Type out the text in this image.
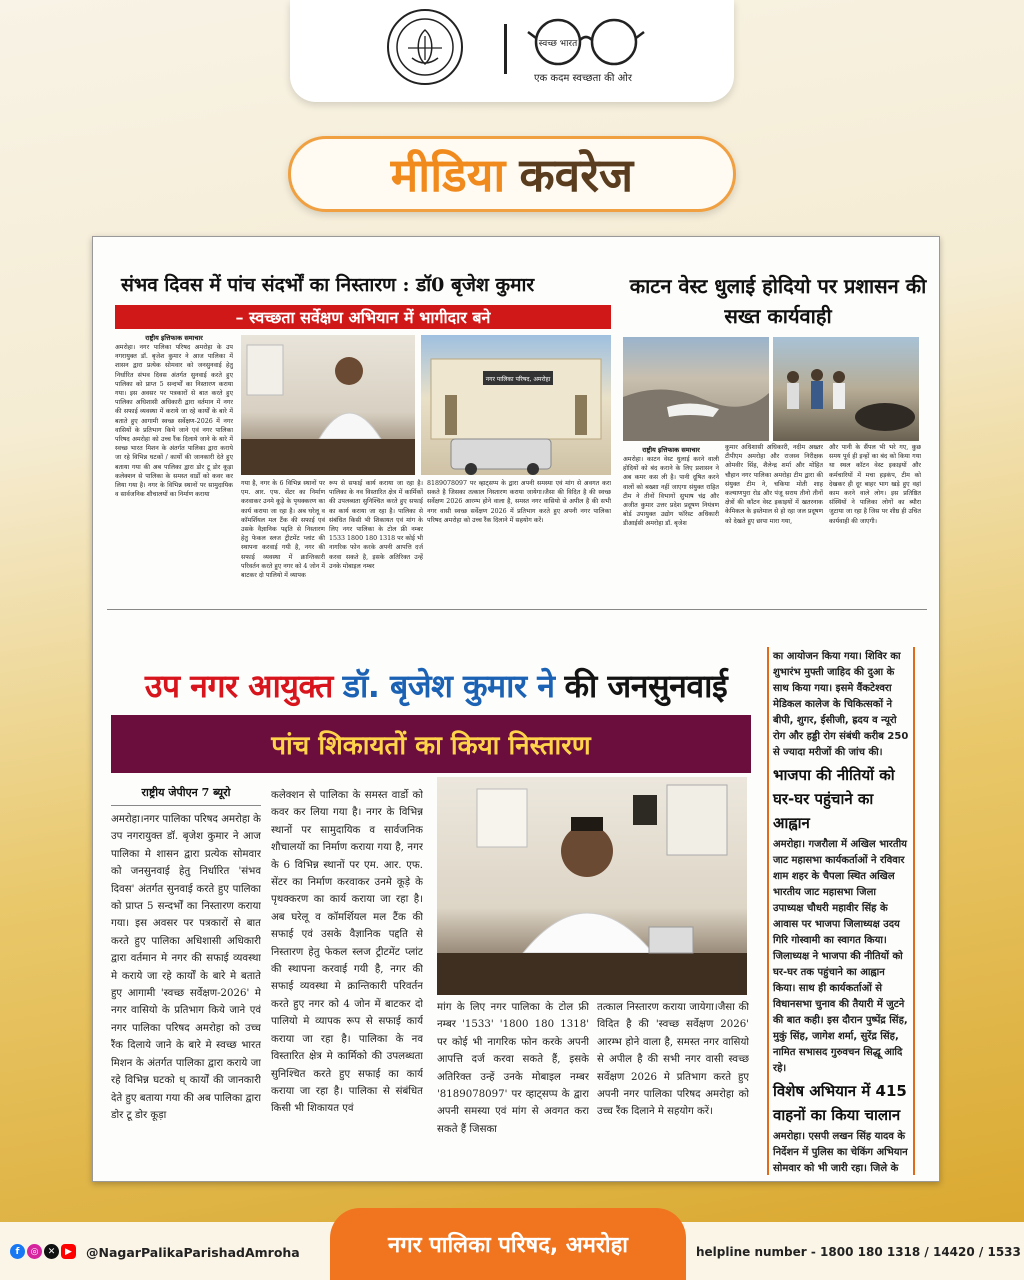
स्वच्छ भारत
एक कदम स्वच्छता की ओर
मीडिया कवरेज
संभव दिवस में पांच संदर्भों का निस्तारण : डॉ0 बृजेश कुमार
– स्वच्छता सर्वेक्षण अभियान में भागीदार बने
राष्ट्रीय इत्तिफाक समाचार
अमरोहा। नगर पालिका परिषद अमरोहा के उप नगरायुक्त डॉ. बृजेश कुमार ने आज पालिका में शासन द्वारा प्रत्येक सोमवार को जनसुनवाई हेतु निर्धारित संभव दिवस अंतर्गत सुनवाई करते हुए पालिका को प्राप्त 5 सन्दर्भों का निस्तारण कराया गया। इस अवसर पर पत्रकारों से बात करते हुए पालिका अधिशासी अधिकारी द्वारा वर्तमान में नगर की सफाई व्यवस्था में कराये जा रहे कार्यों के बारे में बताते हुए आगामी स्वच्छ सर्वेक्षण-2026 में नगर वासियों के प्रतिभाग किये जाने एवं नगर पालिका परिषद अमरोहा को उच्च रैंक दिलाये जाने के बारे में स्वच्छ भारत मिशन के अंतर्गत पालिका द्वारा कराये जा रहे विभिन्न घटकों / कार्यों की जानकारी देते हुए बताया गया की अब पालिका द्वारा डोर टू डोर कूड़ा कलेक्शन से पालिका के समस्त वार्डों को कवर कर लिया गया है। नगर के विभिन्न स्थानों पर सामुदायिक व सार्वजनिक शौचालयों का निर्माण कराया
नगर पालिका परिषद, अमरोहा
गया है, नगर के 6 विभिन्न स्थानों पर एम. आर. एफ. सेंटर का निर्माण करवाकर उनमे कूड़े के पृथक्करण का कार्य कराया जा रहा है। अब घरेलू व कॉमर्शियल मल टैंक की सफाई एवं उसके वैज्ञानिक पद्दति से निस्तारण हेतु फेकल स्लज ट्रीटमेंट प्लांट की स्थापना करवाई गयी है, नगर की सफाई व्यवस्था में क्रान्तिकारी परिवर्तन करते हुए नगर को 4 जोन में बाटकर दो पालियो में व्यापक
रूप से सफाई कार्य कराया जा रहा है। पालिका के नव विस्तारित क्षेत्र में कार्मिकों की उपलब्धता सुनिश्चित करते हुए सफाई का कार्य कराया जा रहा है। पालिका से संबंधित किसी भी शिकायत एवं मांग के लिए नगर पालिका के टोल फ्री नम्बर 1533 1800 180 1318 पर कोई भी नागरिक फोन करके अपनी आपत्ति दर्ज करवा सकते है, इसके अतिरिक्त उन्हें उनके मोबाइल नम्बर
8189078097 पर व्हाट्सप्प के द्वारा अपनी समस्या एवं मांग से अवगत करा सकते है जिसका तत्काल निस्तारण कराया जायेगा।जैसा की विदित है की स्वच्छ सर्वेक्षण 2026 आरम्भ होने वाला है, समस्त नगर वासियो से अपील है की सभी नगर वासी स्वच्छ सर्वेक्षण 2026 में प्रतिभाग करते हुए अपनी नगर पालिका परिषद अमरोहा को उच्च रैंक दिलाने में सहयोग करें।
काटन वेस्ट धुलाई होदियो पर प्रशासन की सख्त कार्यवाही
राष्ट्रीय इत्तिफाक समाचार
अमरोहा। काटन वेस्ट धुलाई करने वाली होदियों को बंद कराने के लिए प्रशासन ने अब कमर कस ली है। पानी दूषित करने वालों को बख्शा नहीं जाएगा संयुक्त राहित टीम ने तीनों विभागों सुभाष चंद्र और अजीत कुमार उत्तर प्रदेश प्रदूषण नियंत्रण बोर्ड उपायुक्त उद्योग फॉरेस्ट अधिकारी डीआईसी अमरोहा डॉ. बृजेश
कुमार अधिशासी अधिकारी, नदीम अख्तर टीपीएम अमरोहा और राजस्व निरीक्षक ओमवीर सिंह, शैलेन्द्र शर्मा और मोहित चौहान नगर पालिका अमरोहा टीम द्वारा की संयुक्त टीम ने, चकिया मोती शाह कल्याणपुरा रोड और पंजू सराय तीनो तीनों क्षेत्रों की कॉटन वेस्ट इकाइयों में खतरनाक केमिकल के इस्तेमाल से हो रहा जल प्रदूषण को देखते हुए छापा मारा गया,
और पानी के सैंपल भी भरे गए, कुछ समय पूर्व ही इन्हों का बंद को किया गया था स्थल कॉटन वेस्ट इकाइयों और कर्मचारियों में मचा हड़कंप, टीम को देखकर ही दूर बाहर भाग खड़े हुए वहां काम करने वाले लोग। इस प्रतिष्ठित संस्थियों ने पालिका लोगों का ब्यौरा जुटाया जा रहा है जिस पर शीघ्र ही उचित कार्यवाही की जाएगी।
उप नगर आयुक्त डॉ. बृजेश कुमार ने की जनसुनवाई
पांच शिकायतों का किया निस्तारण
राष्ट्रीय जेपीएन 7 ब्यूरो
अमरोहा।नगर पालिका परिषद अमरोहा के उप नगरायुक्त डॉ. बृजेश कुमार ने आज पालिका मे शासन द्वारा प्रत्येक सोमवार को जनसुनवाई हेतु निर्धारित 'संभव दिवस' अंतर्गत सुनवाई करते हुए पालिका को प्राप्त 5 सन्दर्भों का निस्तारण कराया गया। इस अवसर पर पत्रकारों से बात करते हुए पालिका अधिशासी अधिकारी द्वारा वर्तमान मे नगर की सफाई व्यवस्था मे कराये जा रहे कार्यों के बारे मे बताते हुए आगामी 'स्वच्छ सर्वेक्षण-2026' मे नगर वासियो के प्रतिभाग किये जाने एवं नगर पालिका परिषद अमरोहा को उच्च रैंक दिलाये जाने के बारे मे स्वच्छ भारत मिशन के अंतर्गत पालिका द्वारा कराये जा रहे विभिन्न घटको ध् कार्यों की जानकारी देते हुए बताया गया की अब पालिका द्वारा डोर टू डोर कूड़ा
कलेक्शन से पालिका के समस्त वार्डो को कवर कर लिया गया है। नगर के विभिन्न स्थानों पर सामुदायिक व सार्वजनिक शौचालयों का निर्माण कराया गया है, नगर के 6 विभिन्न स्थानों पर एम. आर. एफ. सेंटर का निर्माण करवाकर उनमे कूड़े के पृथक्करण का कार्य कराया जा रहा है। अब घरेलू व कॉमर्शियल मल टैंक की सफाई एवं उसके वैज्ञानिक पद्दति से निस्तारण हेतु फेकल स्लज ट्रीटमेंट प्लांट की स्थापना करवाई गयी है, नगर की सफाई व्यवस्था मे क्रान्तिकारी परिवर्तन करते हुए नगर को 4 जोन में बाटकर दो पालियो मे व्यापक रूप से सफाई कार्य कराया जा रहा है। पालिका के नव विस्तारित क्षेत्र मे कार्मिको की उपलब्धता सुनिश्चित करते हुए सफाई का कार्य कराया जा रहा है। पालिका से संबंधित किसी भी शिकायत एवं
मांग के लिए नगर पालिका के टोल फ्री नम्बर '1533' '1800 180 1318' पर कोई भी नागरिक फोन करके अपनी आपत्ति दर्ज करवा सकते हैं, इसके अतिरिक्त उन्हें उनके मोबाइल नम्बर '8189078097' पर व्हाट्सप्प के द्वारा अपनी समस्या एवं मांग से अवगत करा सकते हैं जिसका
तत्काल निस्तारण कराया जायेगा।जैसा की विदित है की 'स्वच्छ सर्वेक्षण 2026' आरम्भ होने वाला है, समस्त नगर वासियो से अपील है की सभी नगर वासी स्वच्छ सर्वेक्षण 2026 मे प्रतिभाग करते हुए अपनी नगर पालिका परिषद अमरोहा को उच्च रैंक दिलाने मे सहयोग करें।
का आयोजन किया गया। शिविर का शुभारंभ मुफ्ती जाहिद की दुआ के साथ किया गया। इसमे वैंकटेश्वरा मेडिकल कालेज के चिकित्सकों ने बीपी, शुगर, ईसीजी, ह्रदय व न्यूरो रोग और हड्डी रोग संबंधी करीब 250 से ज्यादा मरीजों की जांच की।
भाजपा की नीतियों को घर-घर पहुंचाने का आह्वान
अमरोहा। गजरौला में अखिल भारतीय जाट महासभा कार्यकर्ताओं ने रविवार शाम शहर के चैपला स्थित अखिल भारतीय जाट महासभा जिला उपाध्यक्ष चौधरी महावीर सिंह के आवास पर भाजपा जिलाध्यक्ष उदय गिरि गोस्वामी का स्वागत किया। जिलाध्यक्ष ने भाजपा की नीतियों को घर-घर तक पहुंचाने का आह्वान किया। साथ ही कार्यकर्ताओं से विधानसभा चुनाव की तैयारी में जुटने की बात कही। इस दौरान पुष्पेंद्र सिंह, मुकुं सिंह, जागेश शर्मा, सुरेंद्र सिंह, नामित सभासद गुरुवचन सिद्धू आदि रहे।
विशेष अभियान में 415 वाहनों का किया चालान
अमरोहा। एसपी लखन सिंह यादव के निर्देशन में पुलिस का चेकिंग अभियान सोमवार को भी जारी रहा। जिले के
f	◎	✕	▶	@NagarPalikaParishadAmroha	नगर पालिका परिषद, अमरोहा	helpline number - 1800 180 1318 / 14420 / 1533
